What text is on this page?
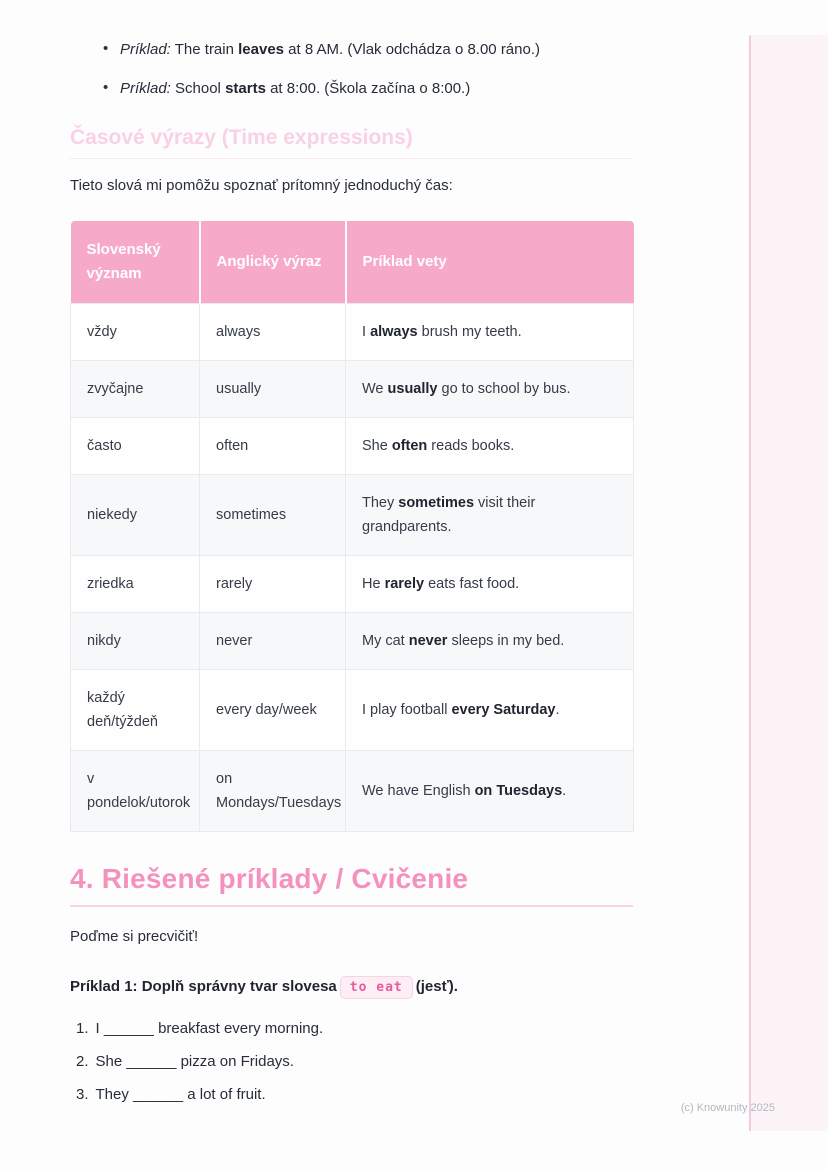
• Príklad: The train leaves at 8 AM. (Vlak odchádza o 8.00 ráno.)
• Príklad: School starts at 8:00. (Škola začína o 8:00.)
Časové výrazy (Time expressions)

Tieto slová mi pomôžu spoznať prítomný jednoduchý čas:

Slovenský význam	Anglický výraz	Príklad vety
vždy	always	I always brush my teeth.
zvyčajne	usually	We usually go to school by bus.
často	often	She often reads books.
niekedy	sometimes	They sometimes visit their grandparents.
zriedka	rarely	He rarely eats fast food.
nikdy	never	My cat never sleeps in my bed.
každý deň/týždeň	every day/week	I play football every Saturday.
v pondelok/utorok	on Mondays/Tuesdays	We have English on Tuesdays.
4. Riešené príklady / Cvičenie

Poďme si precvičiť!

Príklad 1: Doplň správny tvar slovesa to eat (jesť).

1. I ______ breakfast every morning.
2. She ______ pizza on Fridays.
3. They ______ a lot of fruit.
(c) Knowunity 2025
